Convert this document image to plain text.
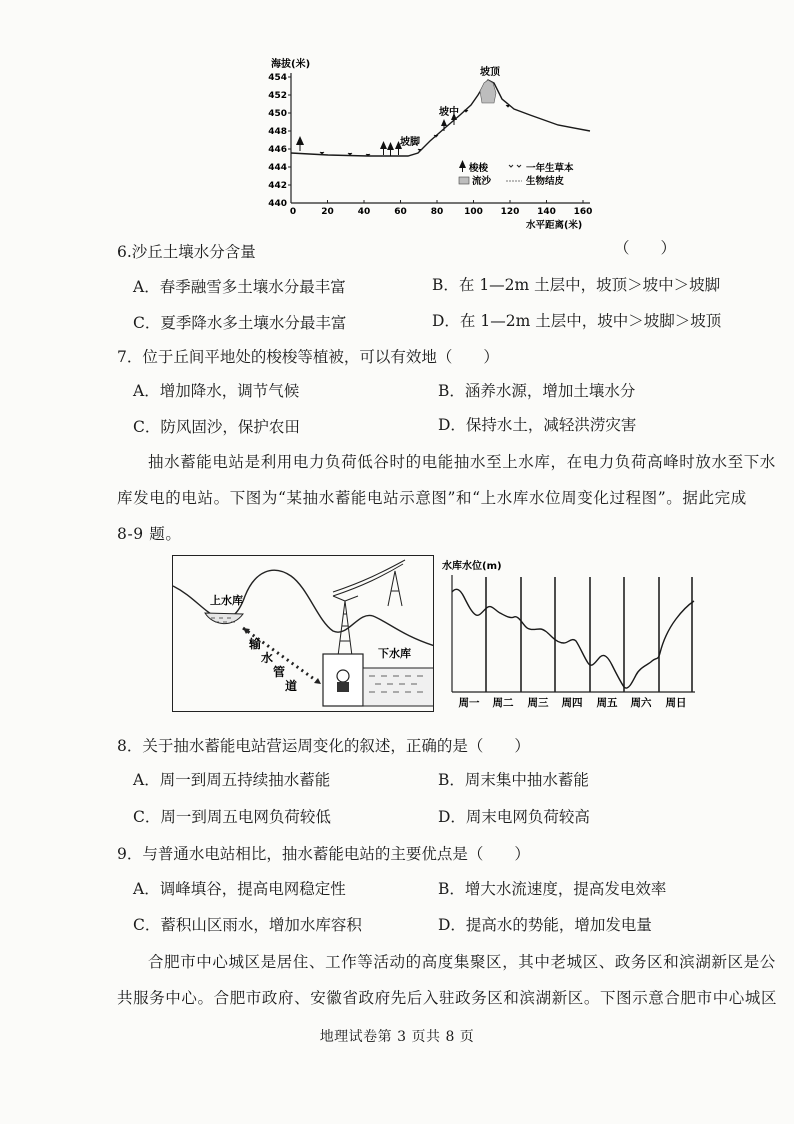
海拔(米)
454
452
450
448
446
444
442
440
0	20	40	60	80 100 120 140 160
水平距离(米)
坡顶
坡中
坡脚
梭梭	一年生草本
流沙	生物结皮
6.沙丘土壤水分含量	（　　）
A．春季融雪多土壤水分最丰富	B．在 1—2m 土层中，坡顶＞坡中＞坡脚
C．夏季降水多土壤水分最丰富	D．在 1—2m 土层中，坡中＞坡脚＞坡顶
7．位于丘间平地处的梭梭等植被，可以有效地（　　）
A．增加降水，调节气候	B．涵养水源，增加土壤水分
C．防风固沙，保护农田	D．保持水土，减轻洪涝灾害
抽水蓄能电站是利用电力负荷低谷时的电能抽水至上水库，在电力负荷高峰时放水至下水
库发电的电站。下图为“某抽水蓄能电站示意图”和“上水库水位周变化过程图”。据此完成
8-9 题。
上水库
输
水
管
道
下水库
水库水位(m)
周一 周二 周三 周四 周五 周六 周日
8．关于抽水蓄能电站营运周变化的叙述，正确的是（　　）
A．周一到周五持续抽水蓄能	B．周末集中抽水蓄能
C．周一到周五电网负荷较低	D．周末电网负荷较高
9．与普通水电站相比，抽水蓄能电站的主要优点是（　　）
A．调峰填谷，提高电网稳定性	B．增大水流速度，提高发电效率
C．蓄积山区雨水，增加水库容积	D．提高水的势能，增加发电量
合肥市中心城区是居住、工作等活动的高度集聚区，其中老城区、政务区和滨湖新区是公
共服务中心。合肥市政府、安徽省政府先后入驻政务区和滨湖新区。下图示意合肥市中心城区
地理试卷第 3 页共 8 页
